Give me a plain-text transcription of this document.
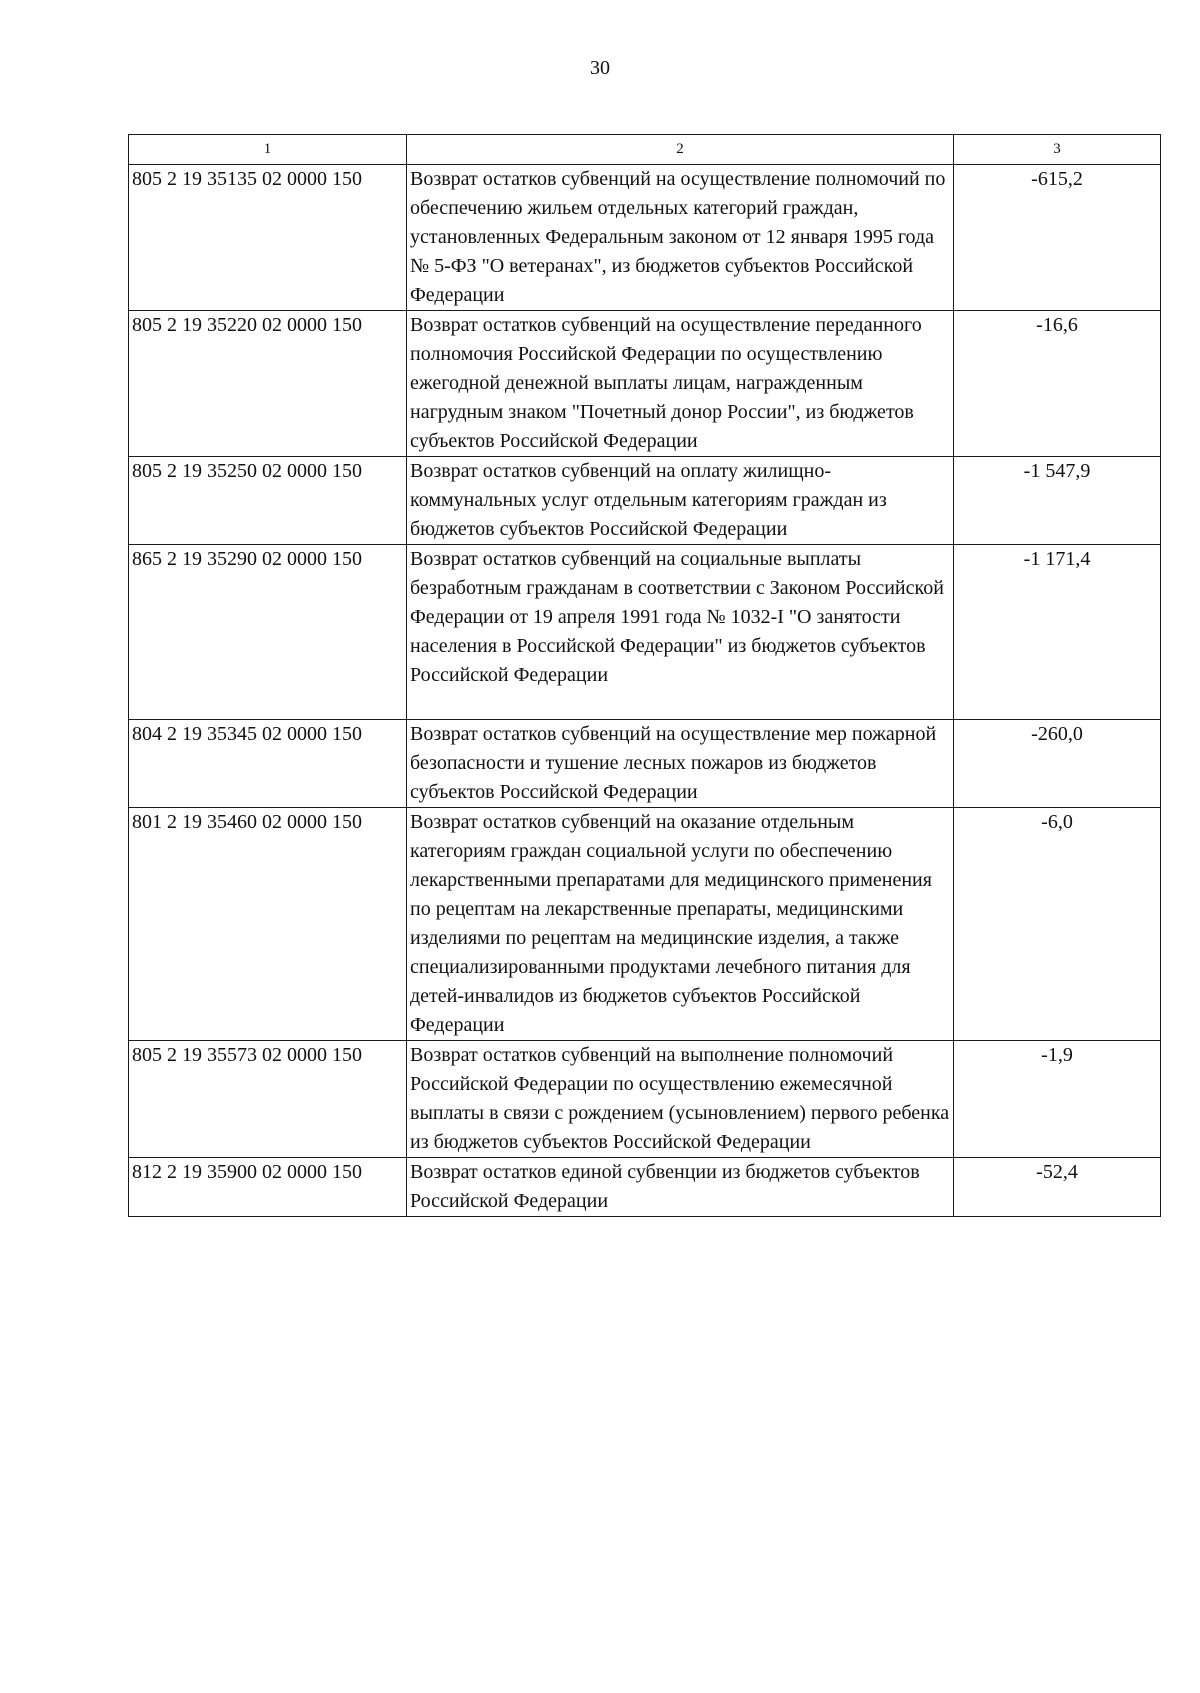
30
1	2	3
805 2 19 35135 02 0000 150	Возврат остатков субвенций на осуществление полномочий по обеспечению жильем отдельных категорий граждан, установленных Федеральным законом от 12 января 1995 года № 5-ФЗ "О ветеранах", из бюджетов субъектов Российской Федерации	-615,2
805 2 19 35220 02 0000 150	Возврат остатков субвенций на осуществление переданного полномочия Российской Федерации по осуществлению ежегодной денежной выплаты лицам, награжденным нагрудным знаком "Почетный донор России", из бюджетов субъектов Российской Федерации	-16,6
805 2 19 35250 02 0000 150	Возврат остатков субвенций на оплату жилищно-коммунальных услуг отдельным категориям граждан из бюджетов субъектов Российской Федерации	-1 547,9
865 2 19 35290 02 0000 150	Возврат остатков субвенций на социальные выплаты безработным гражданам в соответствии с Законом Российской Федерации от 19 апреля 1991 года № 1032-I "О занятости населения в Российской Федерации" из бюджетов субъектов Российской Федерации	-1 171,4
804 2 19 35345 02 0000 150	Возврат остатков субвенций на осуществление мер пожарной безопасности и тушение лесных пожаров из бюджетов субъектов Российской Федерации	-260,0
801 2 19 35460 02 0000 150	Возврат остатков субвенций на оказание отдельным категориям граждан социальной услуги по обеспечению лекарственными препаратами для медицинского применения по рецептам на лекарственные препараты, медицинскими изделиями по рецептам на медицинские изделия, а также специализированными продуктами лечебного питания для детей-инвалидов из бюджетов субъектов Российской Федерации	-6,0
805 2 19 35573 02 0000 150	Возврат остатков субвенций на выполнение полномочий Российской Федерации по осуществлению ежемесячной выплаты в связи с рождением (усыновлением) первого ребенка из бюджетов субъектов Российской Федерации	-1,9
812 2 19 35900 02 0000 150	Возврат остатков единой субвенции из бюджетов субъектов Российской Федерации	-52,4
